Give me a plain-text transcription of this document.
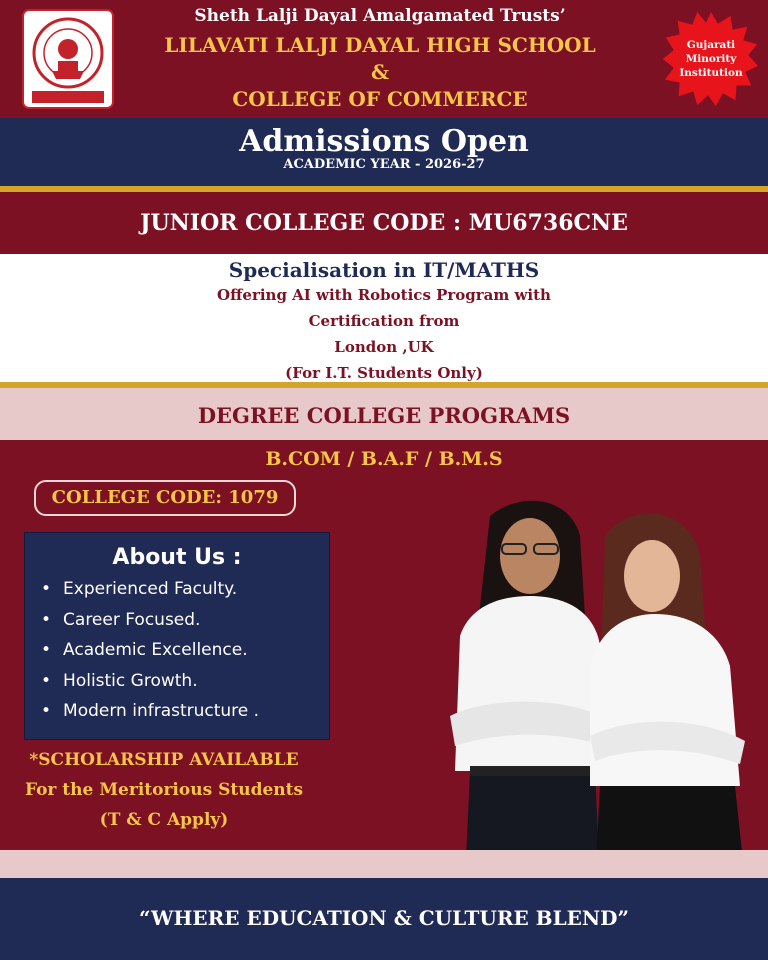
Sheth Lalji Dayal Amalgamated Trusts’
LILAVATI LALJI DAYAL HIGH SCHOOL
&
COLLEGE OF COMMERCE
Gujarati
Minority
Institution
Admissions Open
ACADEMIC YEAR - 2026-27
JUNIOR COLLEGE CODE : MU6736CNE
Specialisation in IT/MATHS
Offering AI with Robotics Program with
Certification from
London ,UK
(For I.T. Students Only)
DEGREE COLLEGE PROGRAMS
B.COM / B.A.F / B.M.S
COLLEGE CODE: 1079
About Us :
• Experienced Faculty.
• Career Focused.
• Academic Excellence.
• Holistic Growth.
• Modern infrastructure .
*SCHOLARSHIP AVAILABLE
For the Meritorious Students
(T & C Apply)
“WHERE EDUCATION & CULTURE BLEND”
